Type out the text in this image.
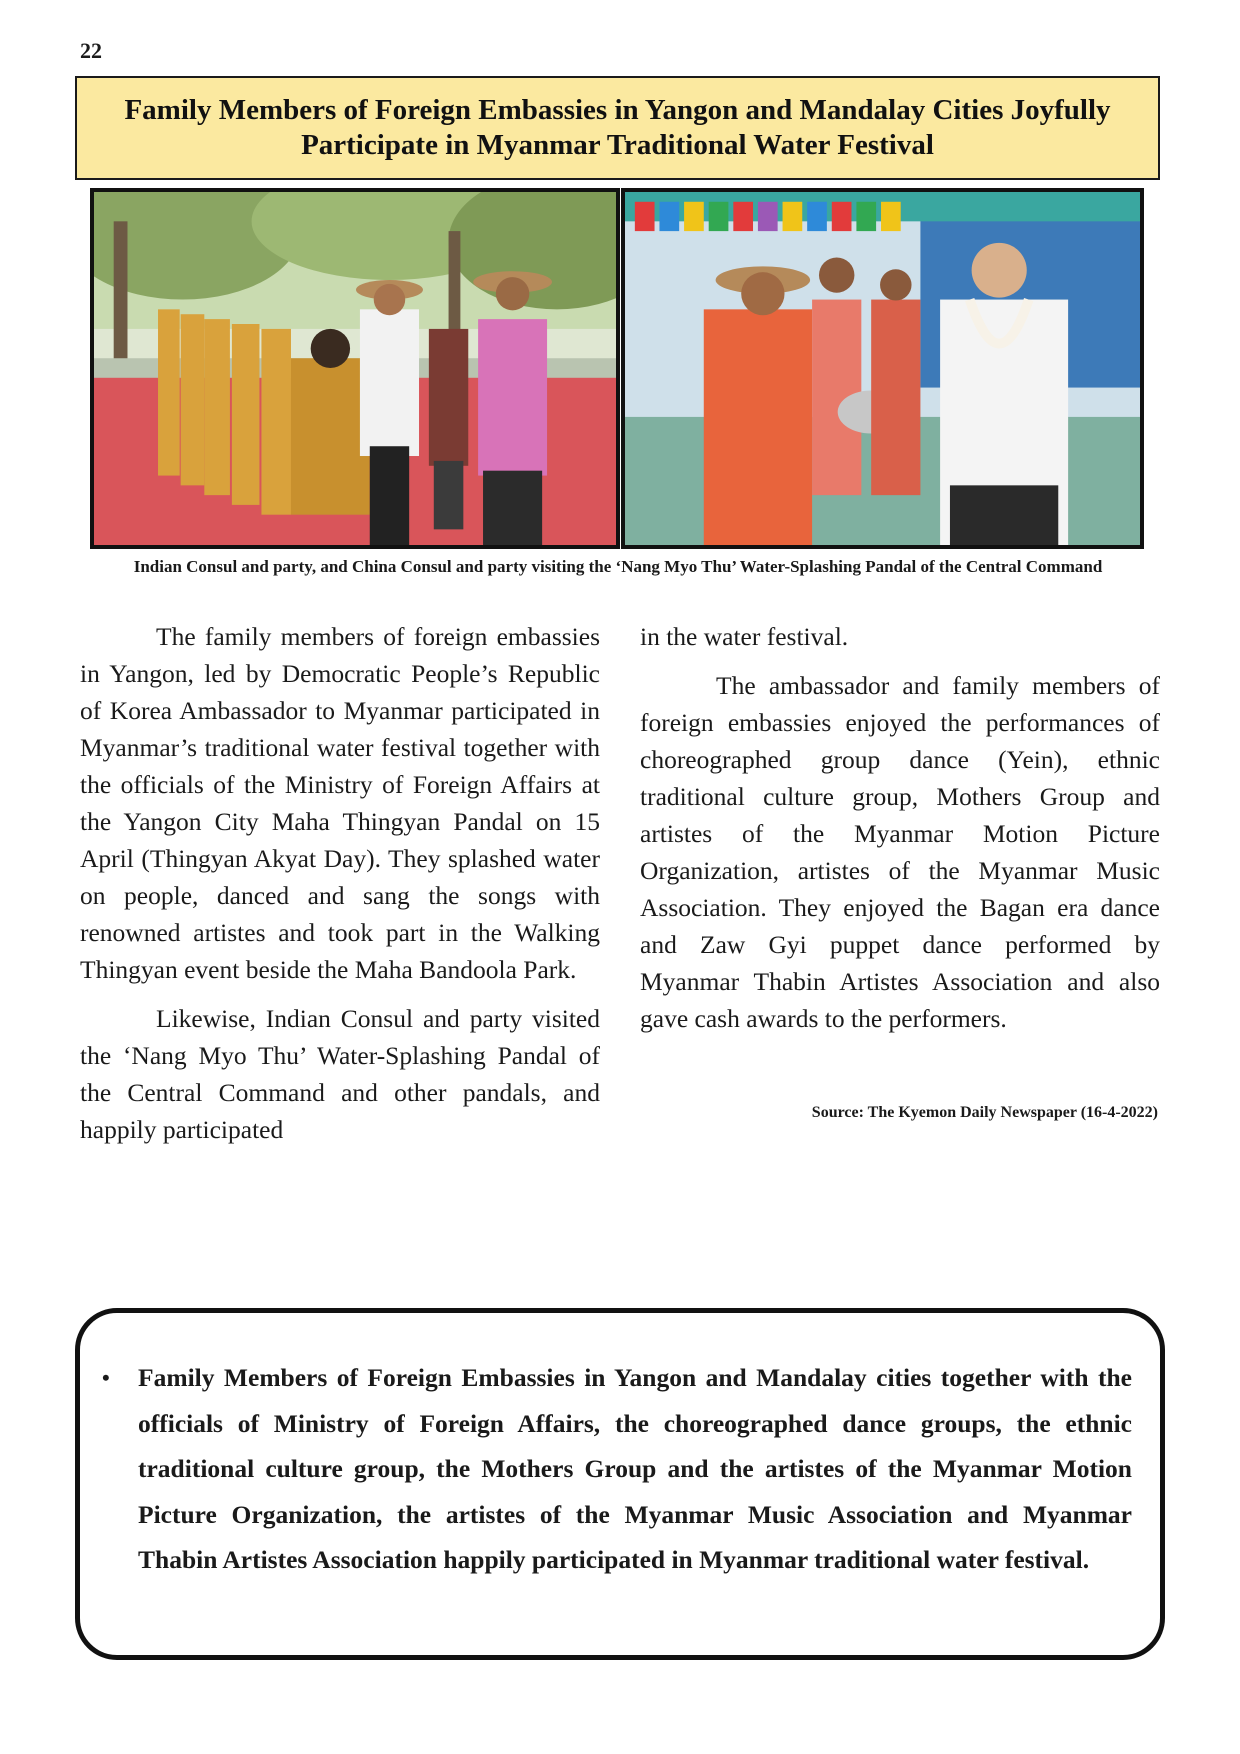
22
Family Members of Foreign Embassies in Yangon and Mandalay Cities Joyfully Participate in Myanmar Traditional Water Festival
Indian Consul and party, and China Consul and party visiting the ‘Nang Myo Thu’ Water-Splashing Pandal of the Central Command

The family members of foreign embassies in Yangon, led by Democratic People’s Republic of Korea Ambassador to Myanmar participated in Myanmar’s traditional water festival together with the officials of the Ministry of Foreign Affairs at the Yangon City Maha Thingyan Pandal on 15 April (Thingyan Akyat Day). They splashed water on people, danced and sang the songs with renowned artistes and took part in the Walking Thingyan event beside the Maha Bandoola Park.

Likewise, Indian Consul and party visited the ‘Nang Myo Thu’ Water-Splashing Pandal of the Central Command and other pandals, and happily participated

in the water festival.

The ambassador and family members of foreign embassies enjoyed the performances of choreographed group dance (Yein), ethnic traditional culture group, Mothers Group and artistes of the Myanmar Motion Picture Organization, artistes of the Myanmar Music Association. They enjoyed the Bagan era dance and Zaw Gyi puppet dance performed by Myanmar Thabin Artistes Association and also gave cash awards to the performers.

Source: The Kyemon Daily Newspaper (16-4-2022)
• Family Members of Foreign Embassies in Yangon and Mandalay cities together with the officials of Ministry of Foreign Affairs, the choreographed dance groups, the ethnic traditional culture group, the Mothers Group and the artistes of the Myanmar Motion Picture Organization, the artistes of the Myanmar Music Association and Myanmar Thabin Artistes Association happily participated in Myanmar traditional water festival.
